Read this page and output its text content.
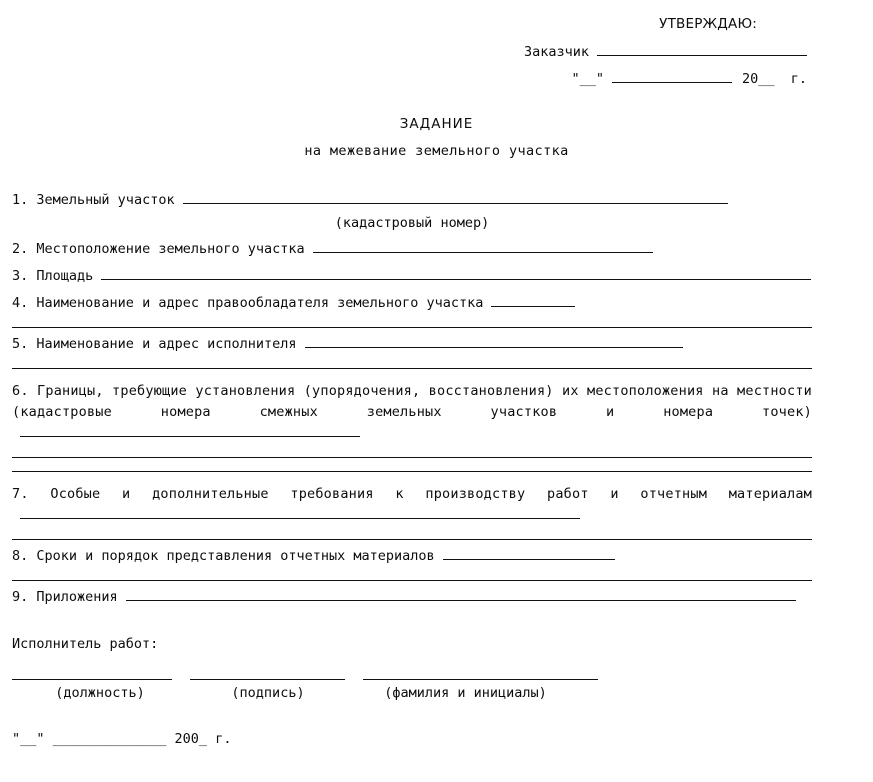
УТВЕРЖДАЮ:
Заказчик
"__"	20__  г.
ЗАДАНИЕ
на межевание земельного участка
1. Земельный участок
(кадастровый номер)
2. Местоположение земельного участка
3. Площадь
4. Наименование и адрес правообладателя земельного участка
5. Наименование и адрес исполнителя
6. Границы, требующие установления (упорядочения, восстановления) их местоположения на местности (кадастровые номера смежных земельных участков и номера точек)
7. Особые и дополнительные требования к производству работ и отчетным материалам
8. Сроки и порядок представления отчетных материалов
9. Приложения
Исполнитель работ:
(должность)	(подпись)	(фамилия и инициалы)
"__" ______________ 200_ г.
